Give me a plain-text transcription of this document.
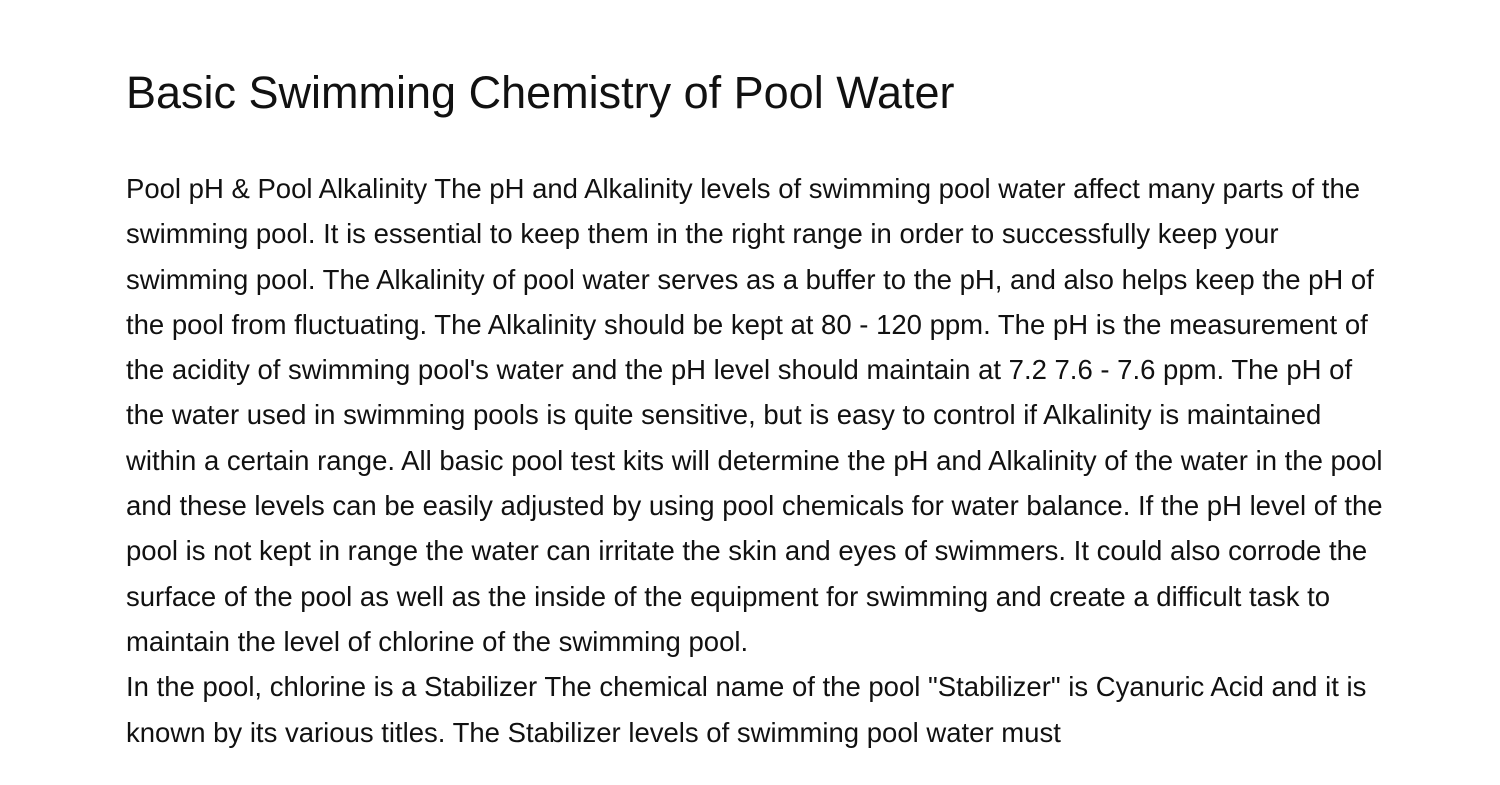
Basic Swimming Chemistry of Pool Water

Pool pH & Pool Alkalinity The pH and Alkalinity levels of swimming pool water affect many parts of the swimming pool. It is essential to keep them in the right range in order to successfully keep your swimming pool. The Alkalinity of pool water serves as a buffer to the pH, and also helps keep the pH of the pool from fluctuating. The Alkalinity should be kept at 80 - 120 ppm. The pH is the measurement of the acidity of swimming pool's water and the pH level should maintain at 7.2 7.6 - 7.6 ppm. The pH of the water used in swimming pools is quite sensitive, but is easy to control if Alkalinity is maintained within a certain range. All basic pool test kits will determine the pH and Alkalinity of the water in the pool and these levels can be easily adjusted by using pool chemicals for water balance. If the pH level of the pool is not kept in range the water can irritate the skin and eyes of swimmers. It could also corrode the surface of the pool as well as the inside of the equipment for swimming and create a difficult task to maintain the level of chlorine of the swimming pool.

In the pool, chlorine is a Stabilizer The chemical name of the pool "Stabilizer" is Cyanuric Acid and it is known by its various titles. The Stabilizer levels of swimming pool water must
